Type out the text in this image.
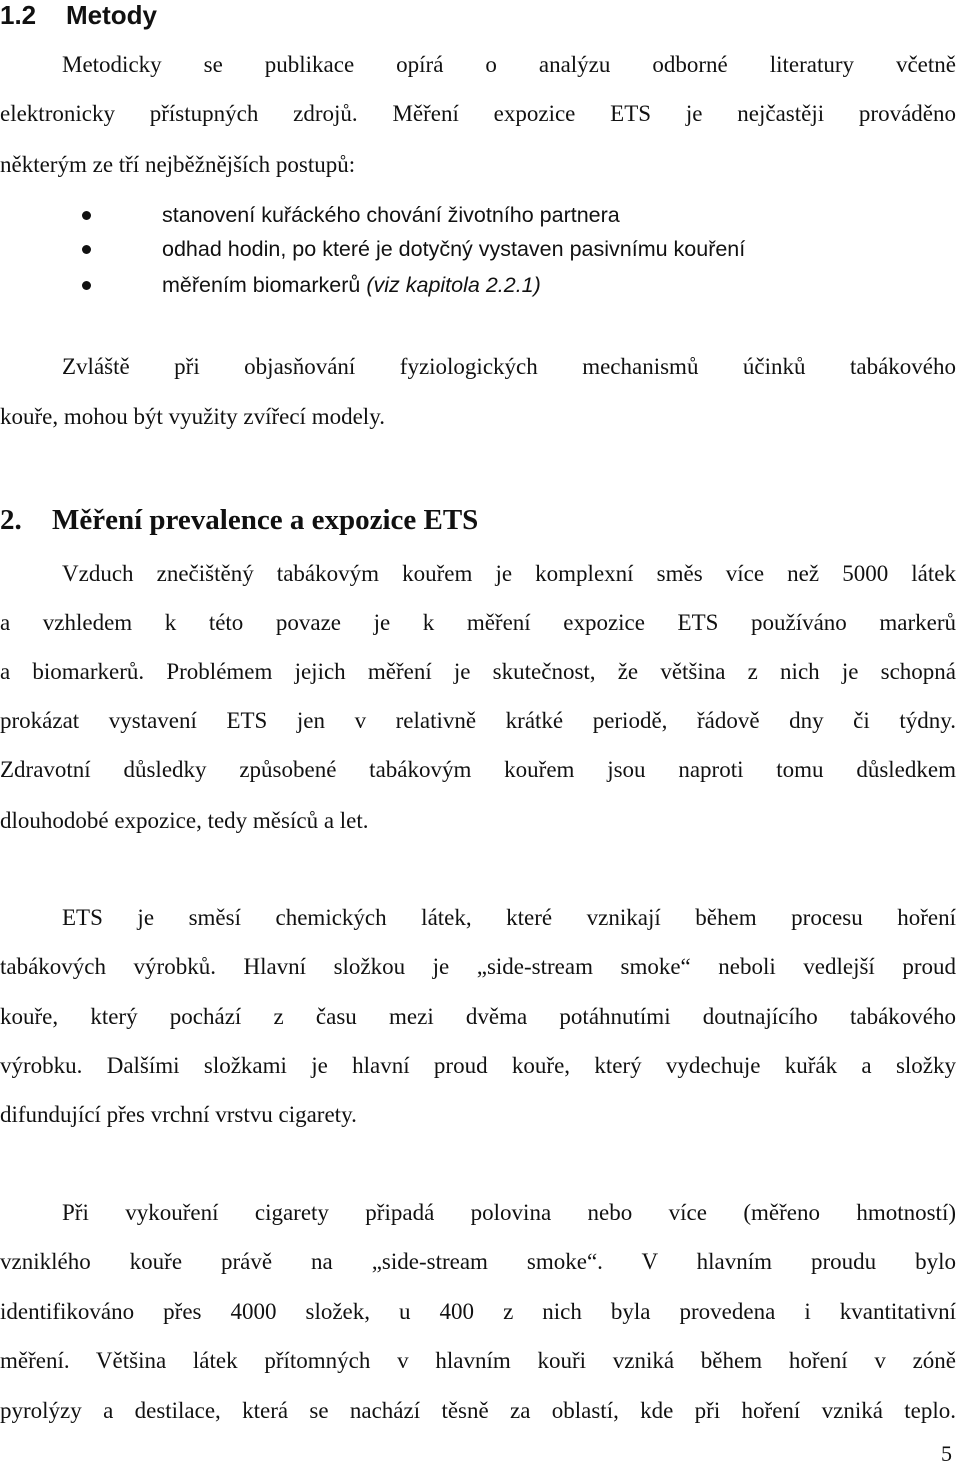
1.2 Metody
Metodicky se publikace opírá o analýzu odborné literatury včetně
elektronicky přístupných zdrojů. Měření expozice ETS je nejčastěji prováděno
některým ze tří nejběžnějších postupů:
stanovení kuřáckého chování životního partnera
odhad hodin, po které je dotyčný vystaven pasivnímu kouření
měřením biomarkerů (viz kapitola 2.2.1)
Zvláště při objasňování fyziologických mechanismů účinků tabákového
kouře, mohou být využity zvířecí modely.
2. Měření prevalence a expozice ETS
Vzduch znečištěný tabákovým kouřem je komplexní směs více než 5000 látek
a vzhledem k této povaze je k měření expozice ETS používáno markerů
a biomarkerů. Problémem jejich měření je skutečnost, že většina z nich je schopná
prokázat vystavení ETS jen v relativně krátké periodě, řádově dny či týdny.
Zdravotní důsledky způsobené tabákovým kouřem jsou naproti tomu důsledkem
dlouhodobé expozice, tedy měsíců a let.
ETS je směsí chemických látek, které vznikají během procesu hoření
tabákových výrobků. Hlavní složkou je „side-stream smoke“ neboli vedlejší proud
kouře, který pochází z času mezi dvěma potáhnutími doutnajícího tabákového
výrobku. Dalšími složkami je hlavní proud kouře, který vydechuje kuřák a složky
difundující přes vrchní vrstvu cigarety.
Při vykouření cigarety připadá polovina nebo více (měřeno hmotností)
vzniklého kouře právě na „side-stream smoke“. V hlavním proudu bylo
identifikováno přes 4000 složek, u 400 z nich byla provedena i kvantitativní
měření. Většina látek přítomných v hlavním kouři vzniká během hoření v zóně
pyrolýzy a destilace, která se nachází těsně za oblastí, kde při hoření vzniká teplo.
5
